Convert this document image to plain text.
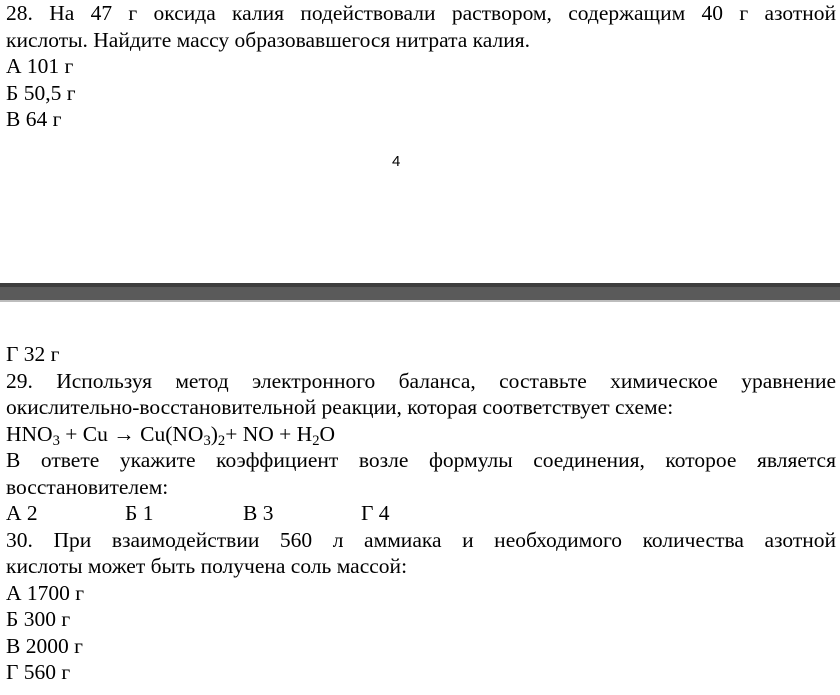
28. На 47 г оксида калия подействовали раствором, содержащим 40 г азотной
кислоты. Найдите массу образовавшегося нитрата калия.
А 101 г
Б 50,5 г
В 64 г
4
Г 32 г
29. Используя метод электронного баланса, составьте химическое уравнение
окислительно-восстановительной реакции, которая соответствует схеме:
$HNO_3 + Cu \to Cu(NO_3)_2+$ NO + $H_2O$
В ответе укажите коэффициент возле формулы соединения, которое является
восстановителем:
А 2	Б 1	В 3	Г 4
30. При взаимодействии 560 л аммиака и необходимого количества азотной
кислоты может быть получена соль массой:
А 1700 г
Б 300 г
В 2000 г
Г 560 г
